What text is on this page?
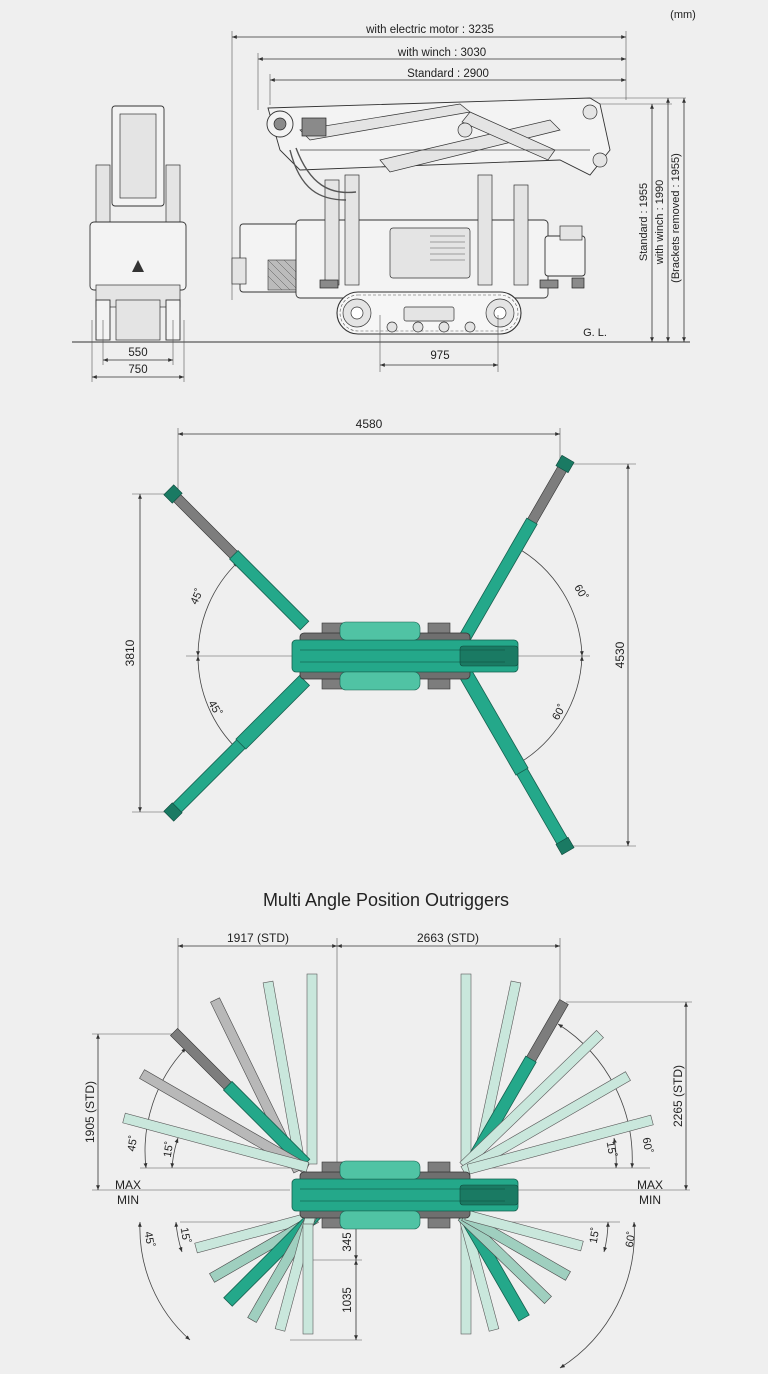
(mm)
G. L.
with electric motor : 3235
with winch : 3030
Standard : 2900
Standard : 1955 with winch : 1990 (Brackets removed : 1955)
975
550
750
4580
3810	4530
45˚
45˚
60˚
60˚
Multi Angle Position Outriggers
1917 (STD)	2663 (STD)
MAX
MIN
MAX
MIN
1905 (STD)	2265 (STD)
345
1035
45˚ 15˚	60˚
15˚
45˚ 15˚	15˚ 60˚
